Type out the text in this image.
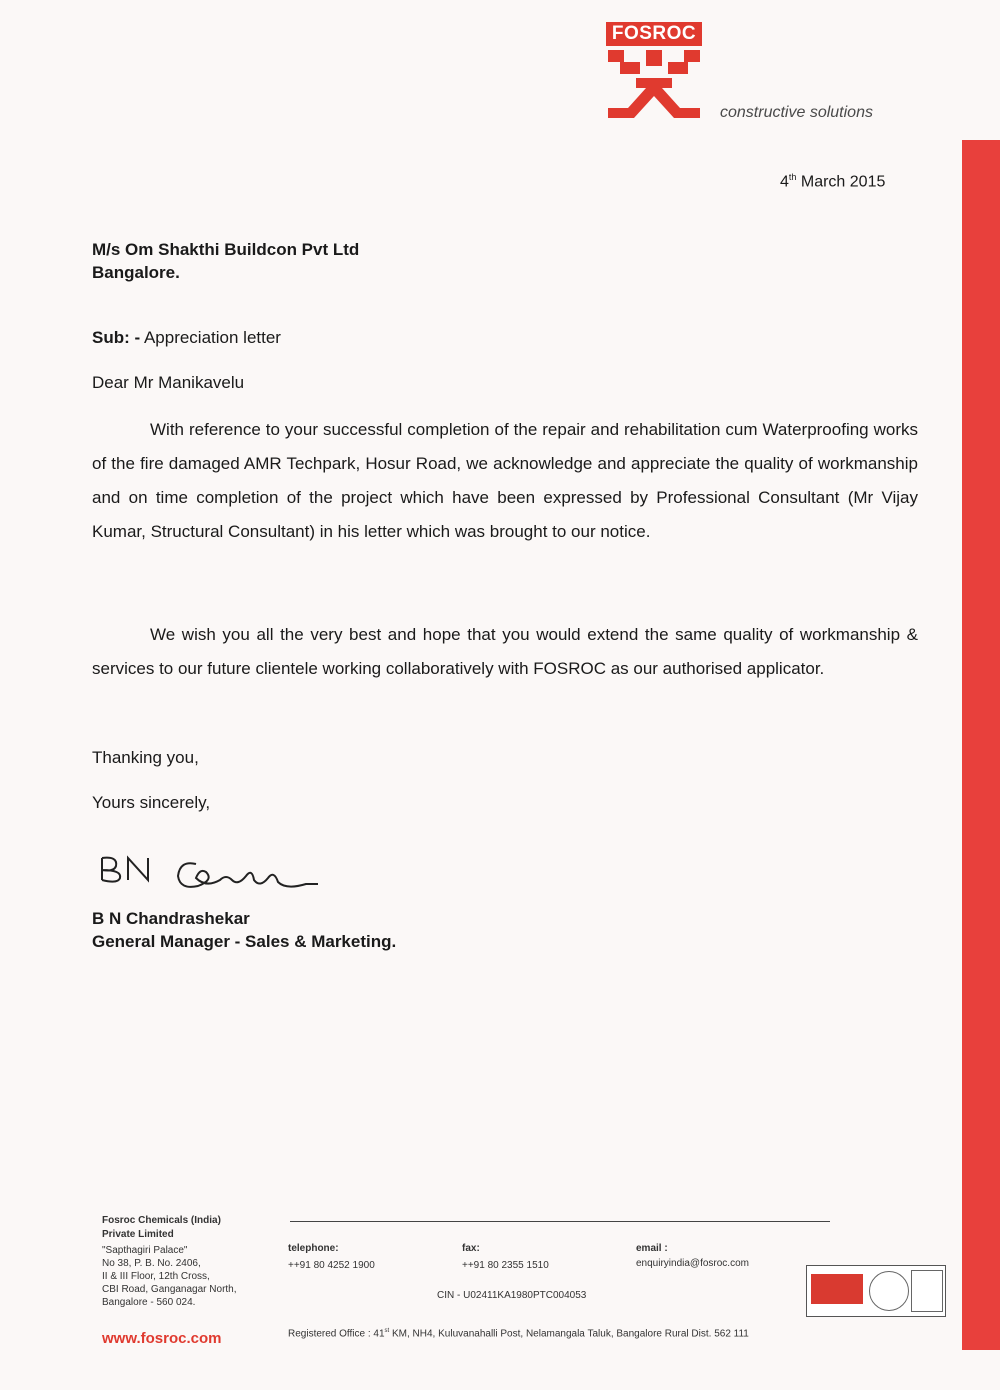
FOSROC
constructive solutions
4th March 2015
M/s Om Shakthi Buildcon Pvt Ltd
Bangalore.
Sub: - Appreciation letter
Dear Mr Manikavelu

With reference to your successful completion of the repair and rehabilitation cum Waterproofing works of the fire damaged AMR Techpark, Hosur Road, we acknowledge and appreciate the quality of workmanship and on time completion of the project which have been expressed by Professional Consultant (Mr Vijay Kumar, Structural Consultant) in his letter which was brought to our notice.

We wish you all the very best and hope that you would extend the same quality of workmanship & services to our future clientele working collaboratively with FOSROC as our authorised applicator.

Thanking you,
Yours sincerely,
B N Chandrashekar
General Manager - Sales & Marketing.
Fosroc Chemicals (India)
Private Limited
"Sapthagiri Palace"
No 38, P. B. No. 2406,
II & III Floor, 12th Cross,
CBI Road, Ganganagar North,
Bangalore - 560 024.
telephone:
++91 80 4252 1900
fax:
++91 80 2355 1510
email :
enquiryindia@fosroc.com
CIN - U02411KA1980PTC004053
www.fosroc.com	Registered Office : 41st KM, NH4, Kuluvanahalli Post, Nelamangala Taluk, Bangalore Rural Dist. 562 111
